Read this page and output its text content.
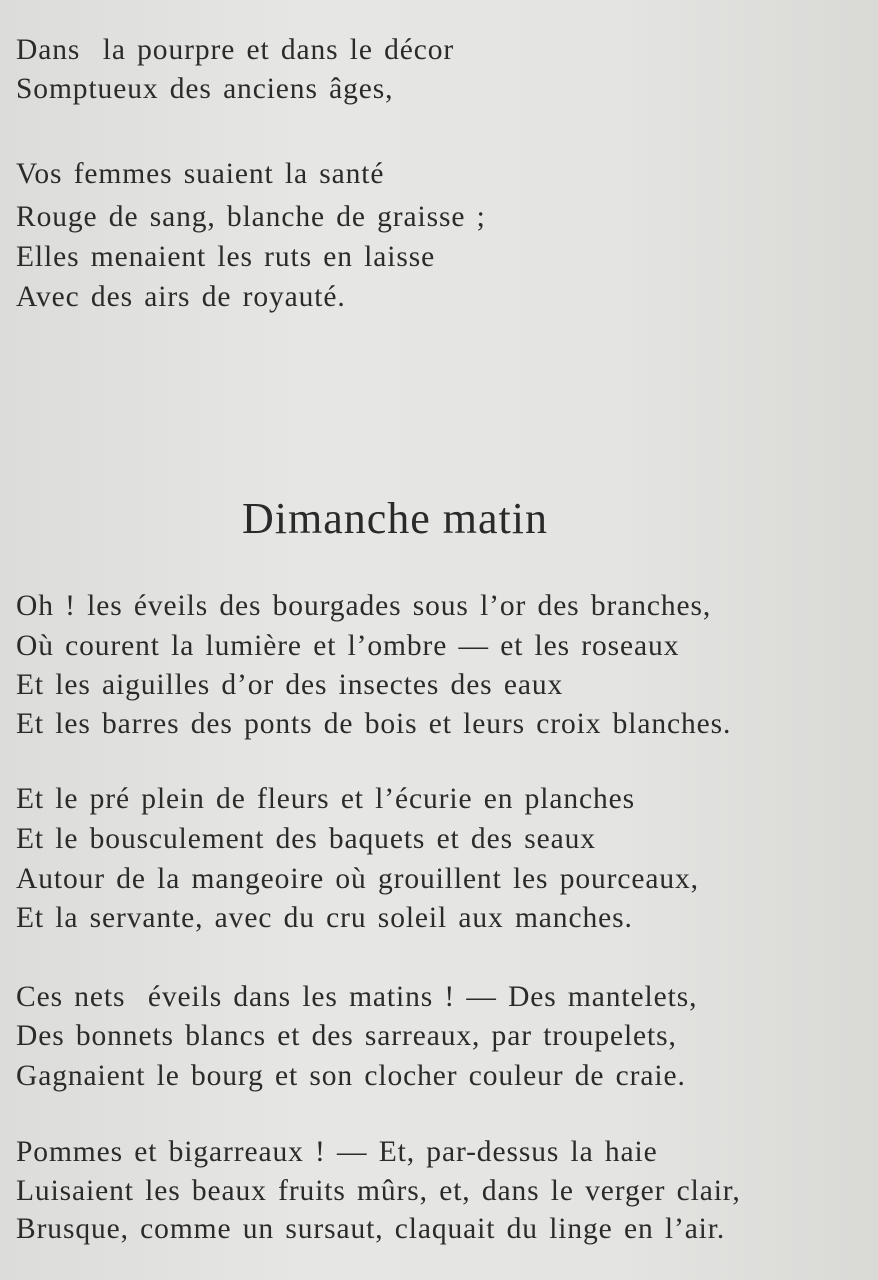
Dans  la pourpre et dans le décor
Somptueux des anciens âges,
Vos femmes suaient la santé
Rouge de sang, blanche de graisse ;
Elles menaient les ruts en laisse
Avec des airs de royauté.
Dimanche matin
Oh ! les éveils des bourgades sous l’or des branches,
Où courent la lumière et l’ombre — et les roseaux
Et les aiguilles d’or des insectes des eaux
Et les barres des ponts de bois et leurs croix blanches.
Et le pré plein de fleurs et l’écurie en planches
Et le bousculement des baquets et des seaux
Autour de la mangeoire où grouillent les pourceaux,
Et la servante, avec du cru soleil aux manches.
Ces nets  éveils dans les matins ! — Des mantelets,
Des bonnets blancs et des sarreaux, par troupelets,
Gagnaient le bourg et son clocher couleur de craie.
Pommes et bigarreaux ! — Et, par-dessus la haie
Luisaient les beaux fruits mûrs, et, dans le verger clair,
Brusque, comme un sursaut, claquait du linge en l’air.
